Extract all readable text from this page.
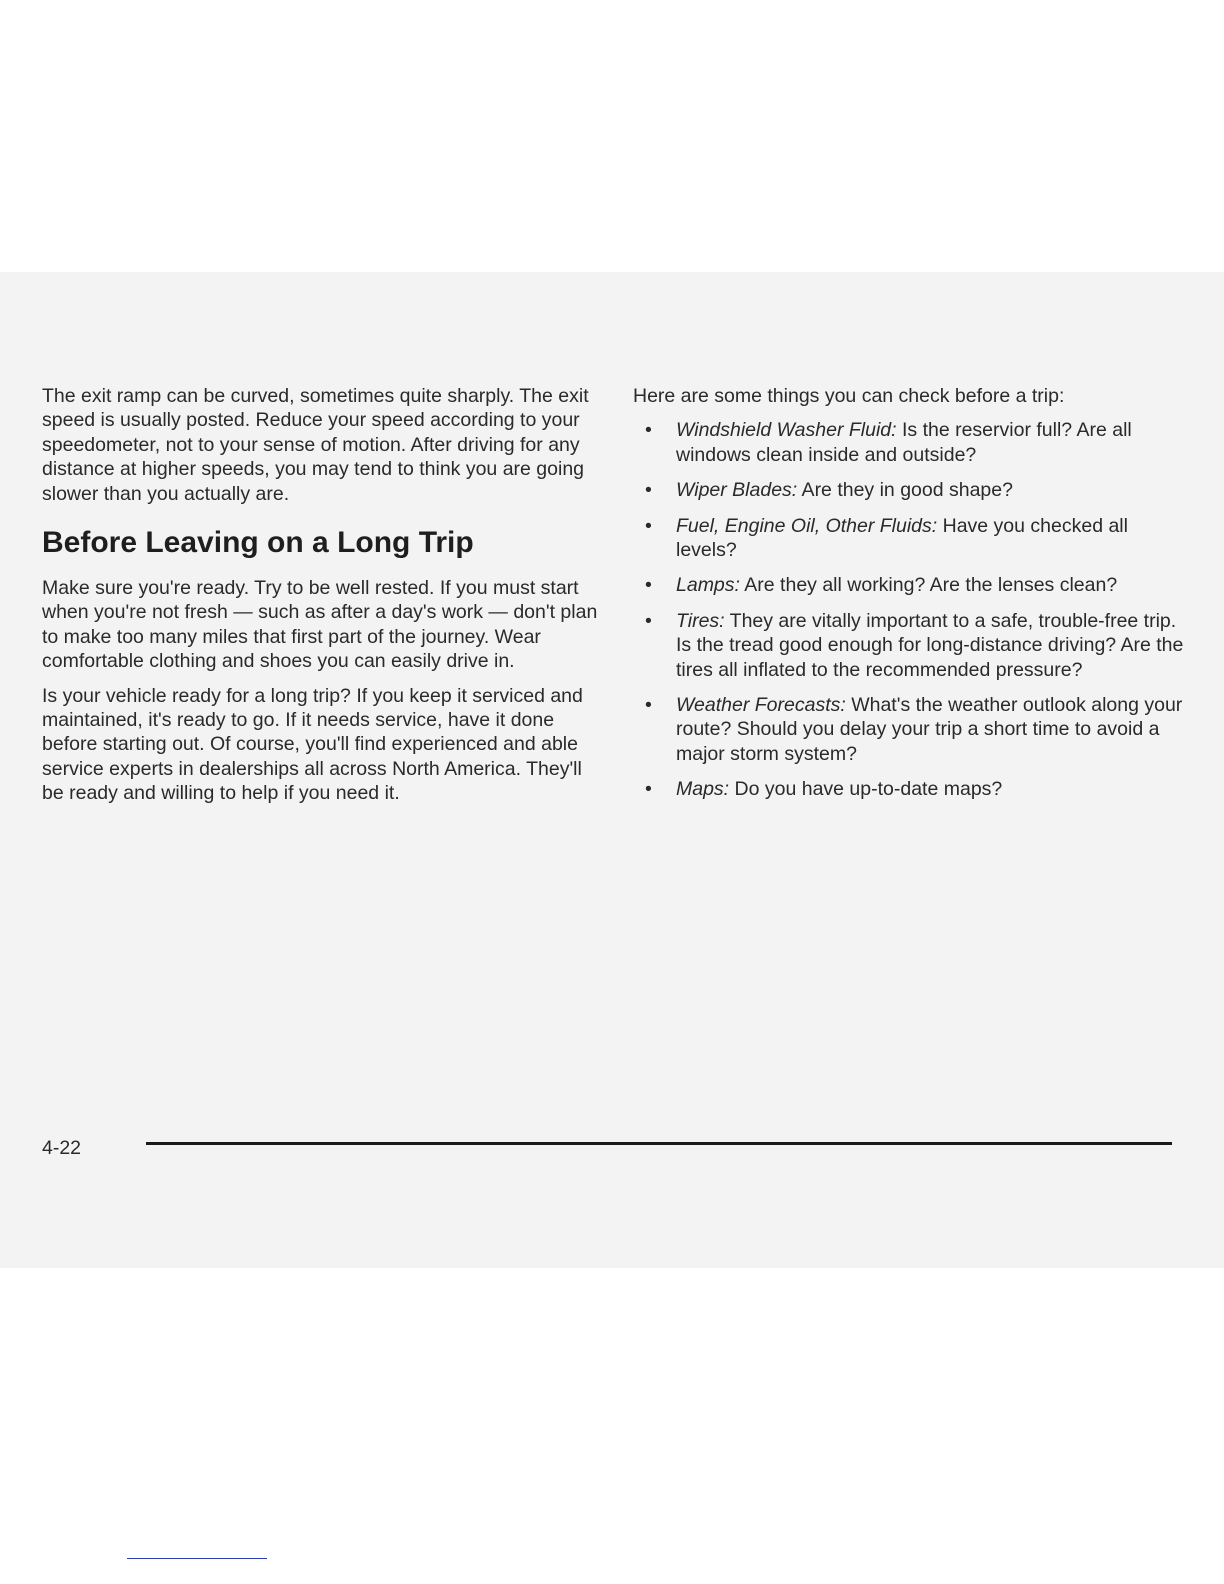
The exit ramp can be curved, sometimes quite sharply. The exit speed is usually posted. Reduce your speed according to your speedometer, not to your sense of motion. After driving for any distance at higher speeds, you may tend to think you are going slower than you actually are.

Before Leaving on a Long Trip

Make sure you're ready. Try to be well rested. If you must start when you're not fresh — such as after a day's work — don't plan to make too many miles that first part of the journey. Wear comfortable clothing and shoes you can easily drive in.

Is your vehicle ready for a long trip? If you keep it serviced and maintained, it's ready to go. If it needs service, have it done before starting out. Of course, you'll find experienced and able service experts in dealerships all across North America. They'll be ready and willing to help if you need it.

Here are some things you can check before a trip:

• Windshield Washer Fluid: Is the reservior full? Are all windows clean inside and outside?
• Wiper Blades: Are they in good shape?
• Fuel, Engine Oil, Other Fluids: Have you checked all levels?
• Lamps: Are they all working? Are the lenses clean?
• Tires: They are vitally important to a safe, trouble-free trip. Is the tread good enough for long-distance driving? Are the tires all inflated to the recommended pressure?
• Weather Forecasts: What's the weather outlook along your route? Should you delay your trip a short time to avoid a major storm system?
• Maps: Do you have up-to-date maps?
4-22
